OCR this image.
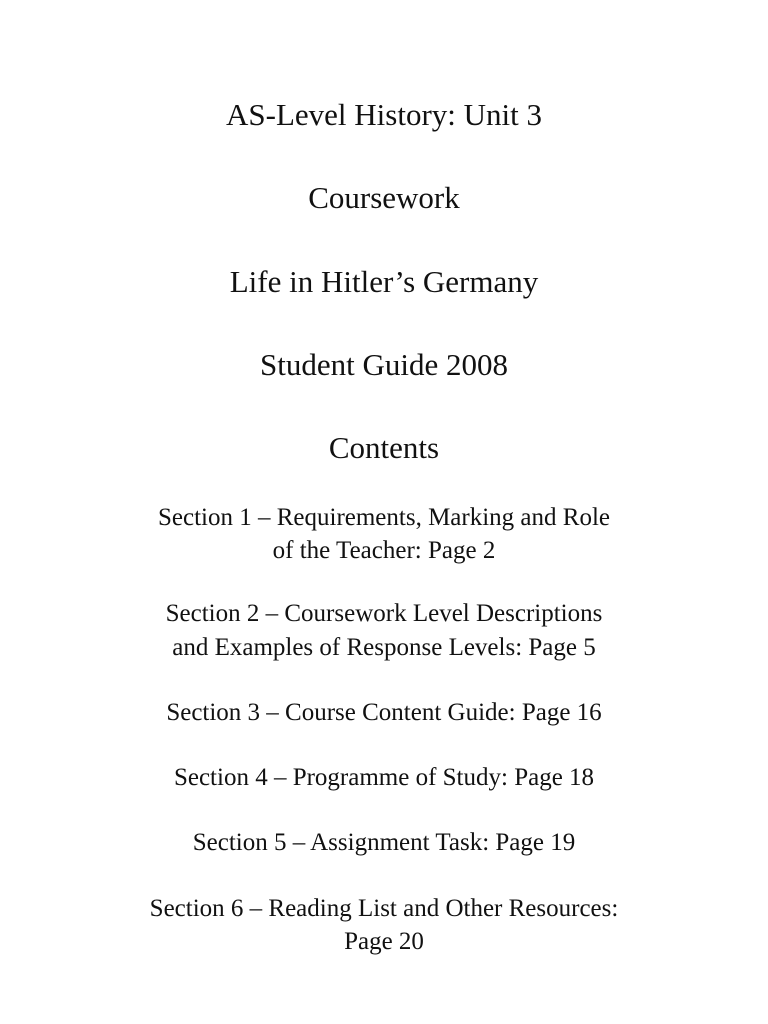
AS-Level History: Unit 3
Coursework
Life in Hitler’s Germany
Student Guide 2008
Contents

Section 1 – Requirements, Marking and Role

of the Teacher: Page 2

Section 2 – Coursework Level Descriptions

and Examples of Response Levels: Page 5

Section 3 – Course Content Guide: Page 16

Section 4 – Programme of Study: Page 18

Section 5 – Assignment Task: Page 19

Section 6 – Reading List and Other Resources:

Page 20
